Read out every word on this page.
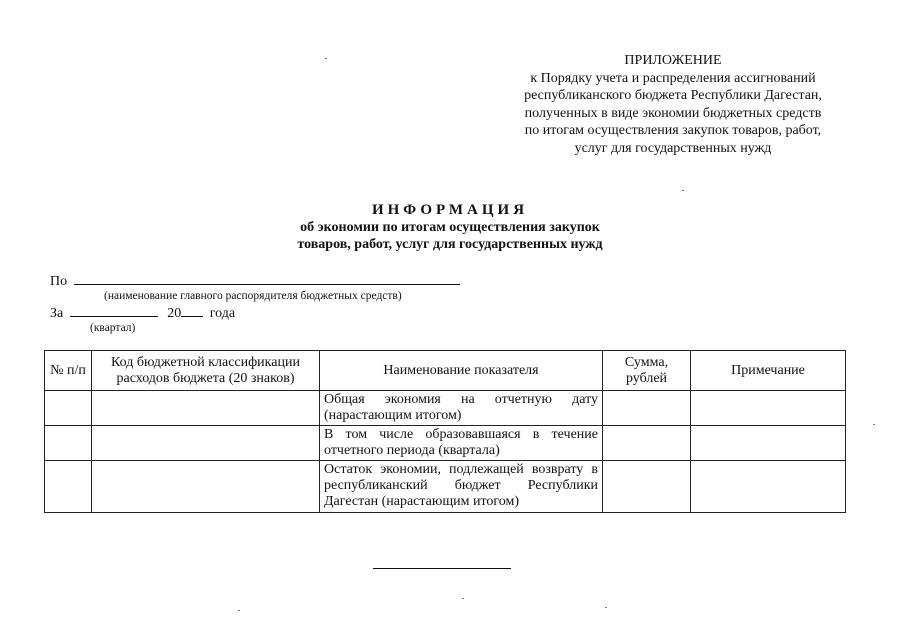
ПРИЛОЖЕНИЕ
к Порядку учета и распределения ассигнований
республиканского бюджета Республики Дагестан,
полученных в виде экономии бюджетных средств
по итогам осуществления закупок товаров, работ,
услуг для государственных нужд
ИНФОРМАЦИЯ
об экономии по итогам осуществления закупок
товаров, работ, услуг для государственных нужд
По
(наименование главного распорядителя бюджетных средств)
За	20 года
(квартал)
№ п/п	Код бюджетной классификации расходов бюджета (20 знаков)	Наименование показателя	Сумма, рублей	Примечание
		Общая экономия на отчетную дату (нарастающим итогом)		
		В том числе образовавшаяся в течение отчетного периода (квартала)		
		Остаток экономии, подлежащей возврату в республиканский бюджет Республики Дагестан (нарастающим итогом)		
